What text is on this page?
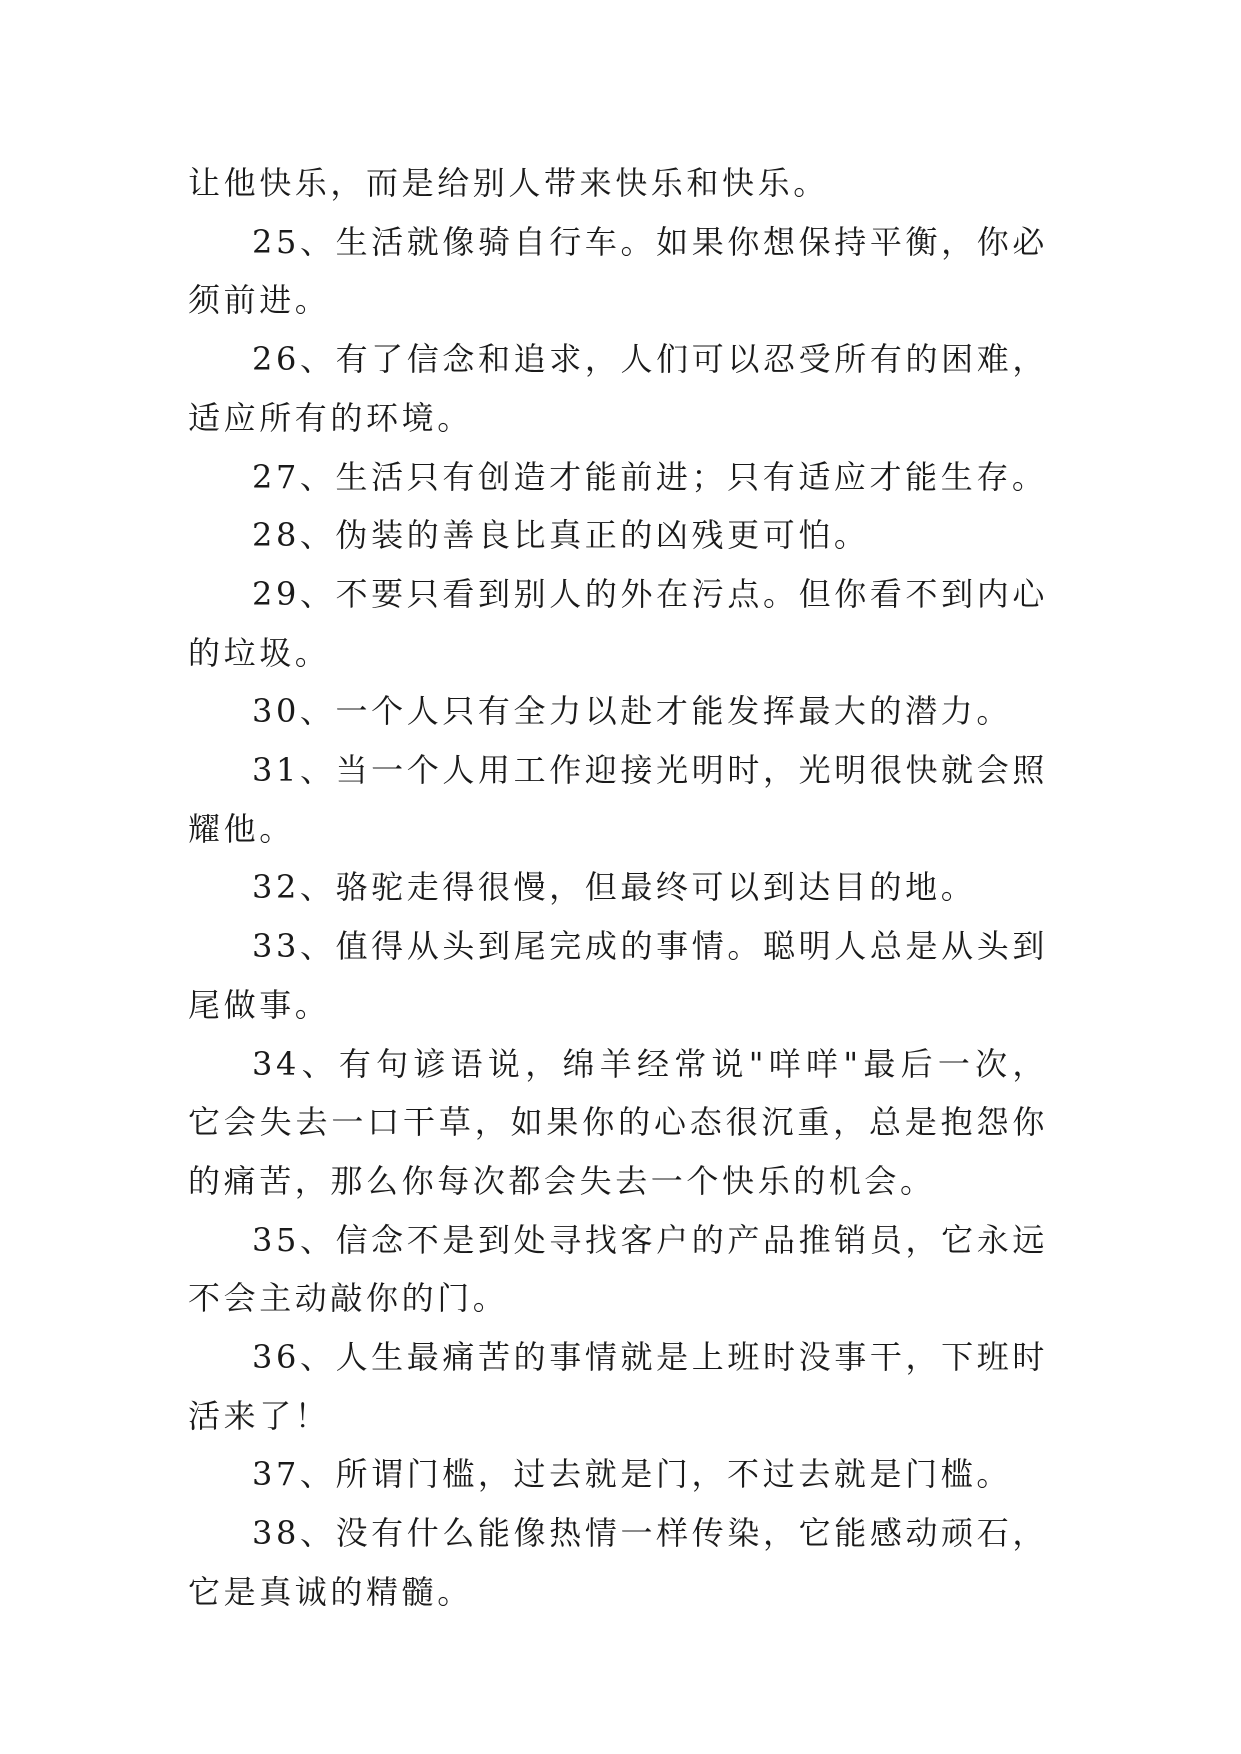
让他快乐，而是给别人带来快乐和快乐。

25、生活就像骑自行车。如果你想保持平衡，你必须前进。

26、有了信念和追求，人们可以忍受所有的困难，适应所有的环境。

27、生活只有创造才能前进；只有适应才能生存。

28、伪装的善良比真正的凶残更可怕。

29、不要只看到别人的外在污点。但你看不到内心的垃圾。

30、一个人只有全力以赴才能发挥最大的潜力。

31、当一个人用工作迎接光明时，光明很快就会照耀他。

32、骆驼走得很慢，但最终可以到达目的地。

33、值得从头到尾完成的事情。聪明人总是从头到尾做事。

34、有句谚语说，绵羊经常说"咩咩"最后一次，它会失去一口干草，如果你的心态很沉重，总是抱怨你的痛苦，那么你每次都会失去一个快乐的机会。

35、信念不是到处寻找客户的产品推销员，它永远不会主动敲你的门。

36、人生最痛苦的事情就是上班时没事干，下班时活来了！

37、所谓门槛，过去就是门，不过去就是门槛。

38、没有什么能像热情一样传染，它能感动顽石，它是真诚的精髓。
